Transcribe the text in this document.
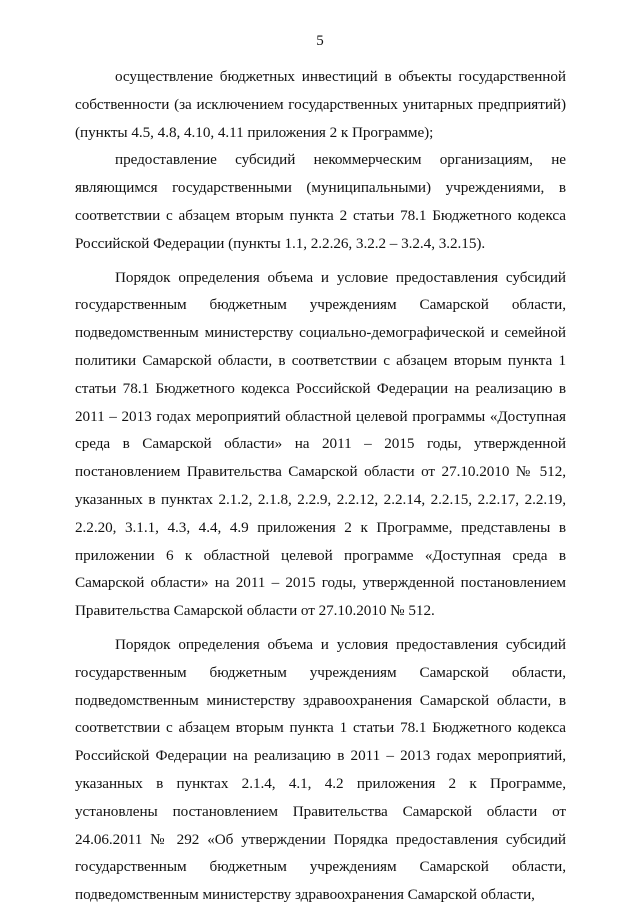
5

осуществление бюджетных инвестиций в объекты государственной собственности (за исключением государственных унитарных предприятий) (пункты 4.5, 4.8, 4.10, 4.11 приложения 2 к Программе);

предоставление субсидий некоммерческим организациям, не являющимся государственными (муниципальными) учреждениями, в соответствии с абзацем вторым пункта 2 статьи 78.1 Бюджетного кодекса Российской Федерации (пункты 1.1, 2.2.26, 3.2.2 – 3.2.4, 3.2.15).

Порядок определения объема и условие предоставления субсидий государственным бюджетным учреждениям Самарской области, подведомственным министерству социально-демографической и семейной политики Самарской области, в соответствии с абзацем вторым пункта 1 статьи 78.1 Бюджетного кодекса Российской Федерации на реализацию в 2011 – 2013 годах мероприятий областной целевой программы «Доступная среда в Самарской области» на 2011 – 2015 годы, утвержденной постановлением Правительства Самарской области от 27.10.2010 № 512, указанных в пунктах 2.1.2, 2.1.8, 2.2.9, 2.2.12, 2.2.14, 2.2.15, 2.2.17, 2.2.19, 2.2.20, 3.1.1, 4.3, 4.4, 4.9 приложения 2 к Программе, представлены в приложении 6 к областной целевой программе «Доступная среда в Самарской области» на 2011 – 2015 годы, утвержденной постановлением Правительства Самарской области от 27.10.2010 № 512.

Порядок определения объема и условия предоставления субсидий государственным бюджетным учреждениям Самарской области, подведомственным министерству здравоохранения Самарской области, в соответствии с абзацем вторым пункта 1 статьи 78.1 Бюджетного кодекса Российской Федерации на реализацию в 2011 – 2013 годах мероприятий, указанных в пунктах 2.1.4, 4.1, 4.2 приложения 2 к Программе, установлены постановлением Правительства Самарской области от 24.06.2011 № 292 «Об утверждении Порядка предоставления субсидий государственным бюджетным учреждениям Самарской области, подведомственным министерству здравоохранения Самарской области,
